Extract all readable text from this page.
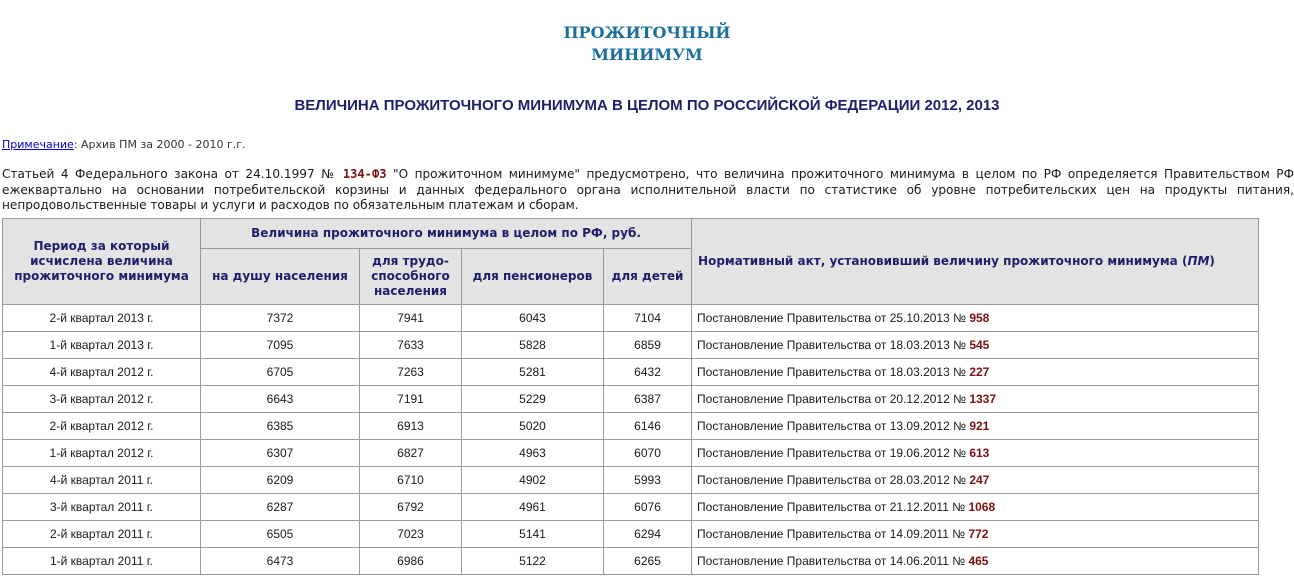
ПРОЖИТОЧНЫЙ
МИНИМУМ
ВЕЛИЧИНА ПРОЖИТОЧНОГО МИНИМУМА В ЦЕЛОМ ПО РОССИЙСКОЙ ФЕДЕРАЦИИ 2012, 2013
Примечание: Архив ПМ за 2000 - 2010 г.г.
Статьей 4 Федерального закона от 24.10.1997 № 134-ФЗ "О прожиточном минимуме" предусмотрено, что величина прожиточного минимума в целом по РФ определяется Правительством РФ ежеквартально на основании потребительской корзины и данных федерального органа исполнительной власти по статистике об уровне потребительских цен на продукты питания, непродовольственные товары и услуги и расходов по обязательным платежам и сборам.
Период за который исчислена величина прожиточного минимума	Величина прожиточного минимума в целом по РФ, руб.				Нормативный акт, установивший величину прожиточного минимума (ПМ)
	на душу населения	для трудо-способного населения	для пенсионеров	для детей	
2-й квартал 2013 г.	7372	7941	6043	7104	Постановление Правительства от 25.10.2013 № 958
1-й квартал 2013 г.	7095	7633	5828	6859	Постановление Правительства от 18.03.2013 № 545
4-й квартал 2012 г.	6705	7263	5281	6432	Постановление Правительства от 18.03.2013 № 227
3-й квартал 2012 г.	6643	7191	5229	6387	Постановление Правительства от 20.12.2012 № 1337
2-й квартал 2012 г.	6385	6913	5020	6146	Постановление Правительства от 13.09.2012 № 921
1-й квартал 2012 г.	6307	6827	4963	6070	Постановление Правительства от 19.06.2012 № 613
4-й квартал 2011 г.	6209	6710	4902	5993	Постановление Правительства от 28.03.2012 № 247
3-й квартал 2011 г.	6287	6792	4961	6076	Постановление Правительства от 21.12.2011 № 1068
2-й квартал 2011 г.	6505	7023	5141	6294	Постановление Правительства от 14.09.2011 № 772
1-й квартал 2011 г.	6473	6986	5122	6265	Постановление Правительства от 14.06.2011 № 465
